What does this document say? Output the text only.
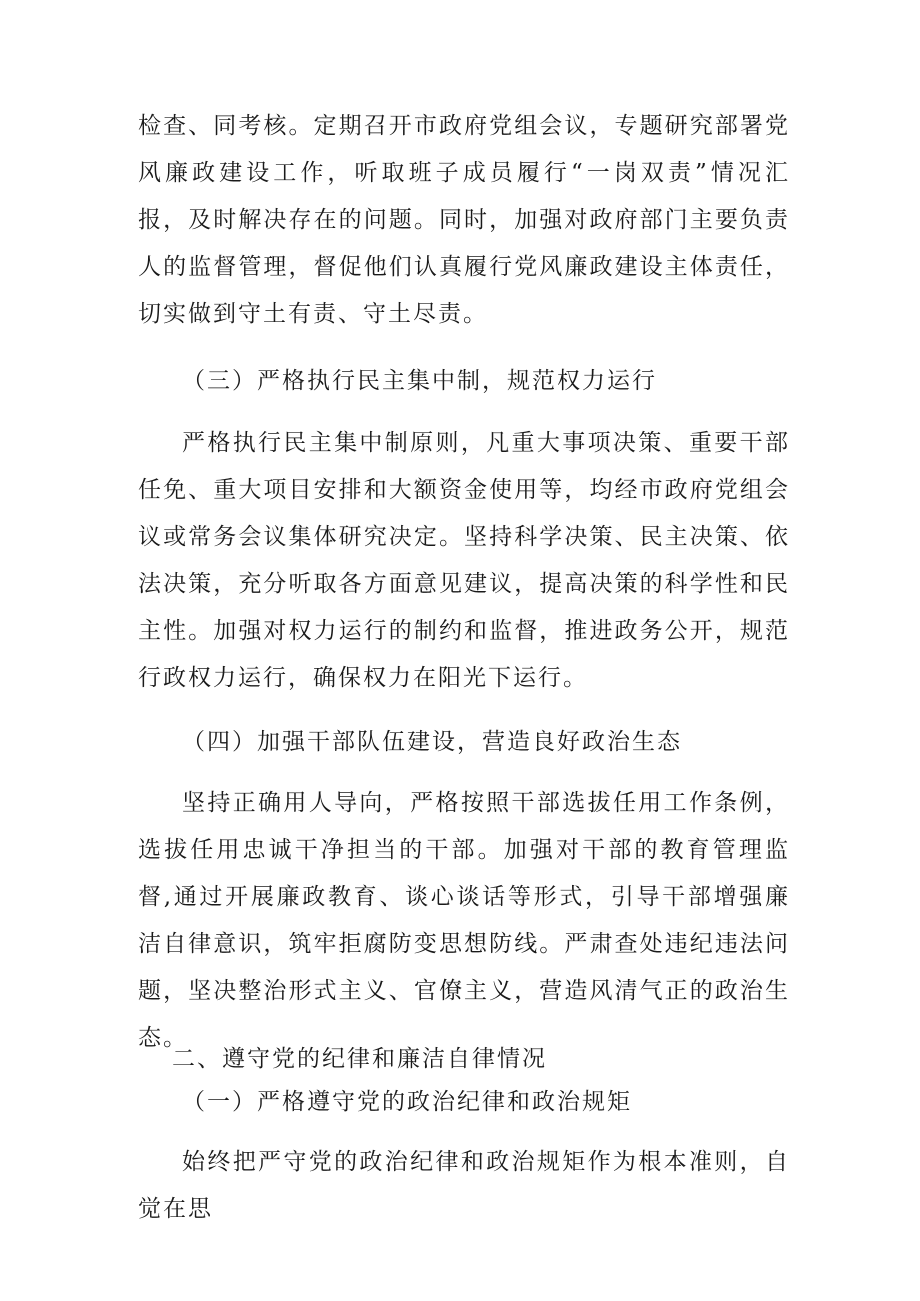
检查、同考核。定期召开市政府党组会议，专题研究部署党风廉政建设工作，听取班子成员履行“一岗双责”情况汇报，及时解决存在的问题。同时，加强对政府部门主要负责人的监督管理，督促他们认真履行党风廉政建设主体责任，切实做到守土有责、守土尽责。

（三）严格执行民主集中制，规范权力运行

严格执行民主集中制原则，凡重大事项决策、重要干部任免、重大项目安排和大额资金使用等，均经市政府党组会议或常务会议集体研究决定。坚持科学决策、民主决策、依法决策，充分听取各方面意见建议，提高决策的科学性和民主性。加强对权力运行的制约和监督，推进政务公开，规范行政权力运行，确保权力在阳光下运行。

（四）加强干部队伍建设，营造良好政治生态

坚持正确用人导向，严格按照干部选拔任用工作条例，选拔任用忠诚干净担当的干部。加强对干部的教育管理监督,通过开展廉政教育、谈心谈话等形式，引导干部增强廉洁自律意识，筑牢拒腐防变思想防线。严肃查处违纪违法问题，坚决整治形式主义、官僚主义，营造风清气正的政治生态。

二、遵守党的纪律和廉洁自律情况

（一）严格遵守党的政治纪律和政治规矩

始终把严守党的政治纪律和政治规矩作为根本准则，自觉在思
